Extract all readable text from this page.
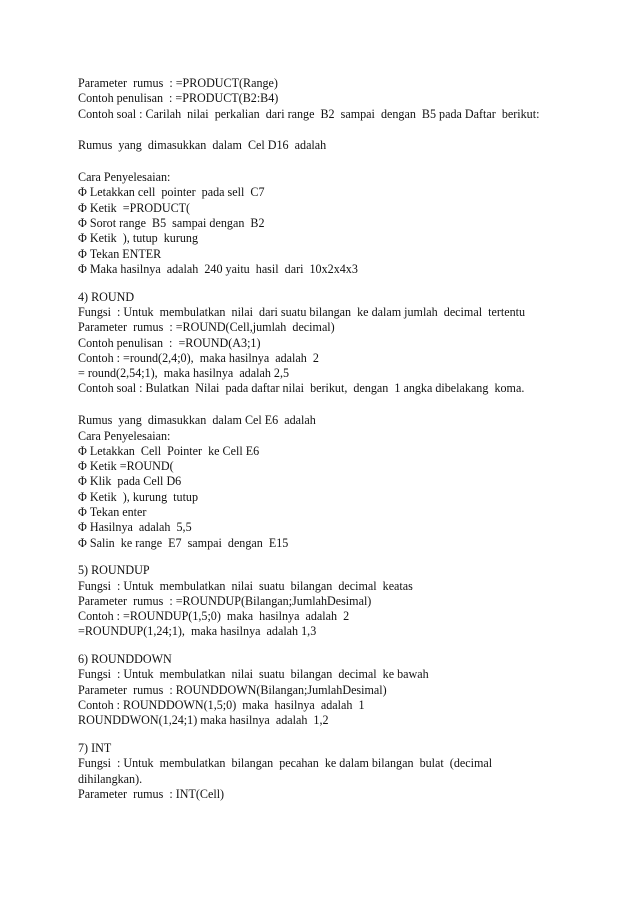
Parameter  rumus  : =PRODUCT(Range)
Contoh penulisan  : =PRODUCT(B2:B4)
Contoh soal : Carilah  nilai  perkalian  dari range  B2  sampai  dengan  B5 pada Daftar  berikut:
Rumus  yang  dimasukkan  dalam  Cel D16  adalah
Cara Penyelesaian:
Φ Letakkan cell  pointer  pada sell  C7
Φ Ketik  =PRODUCT(
Φ Sorot range  B5  sampai dengan  B2
Φ Ketik  ), tutup  kurung
Φ Tekan ENTER
Φ Maka hasilnya  adalah  240 yaitu  hasil  dari  10x2x4x3
4) ROUND
Fungsi  : Untuk  membulatkan  nilai  dari suatu bilangan  ke dalam jumlah  decimal  tertentu
Parameter  rumus  : =ROUND(Cell,jumlah  decimal)
Contoh penulisan  :  =ROUND(A3;1)
Contoh : =round(2,4;0),  maka hasilnya  adalah  2
= round(2,54;1),  maka hasilnya  adalah 2,5
Contoh soal : Bulatkan  Nilai  pada daftar nilai  berikut,  dengan  1 angka dibelakang  koma.
Rumus  yang  dimasukkan  dalam Cel E6  adalah
Cara Penyelesaian:
Φ Letakkan  Cell  Pointer  ke Cell E6
Φ Ketik =ROUND(
Φ Klik  pada Cell D6
Φ Ketik  ), kurung  tutup
Φ Tekan enter
Φ Hasilnya  adalah  5,5
Φ Salin  ke range  E7  sampai  dengan  E15
5) ROUNDUP
Fungsi  : Untuk  membulatkan  nilai  suatu  bilangan  decimal  keatas
Parameter  rumus  : =ROUNDUP(Bilangan;JumlahDesimal)
Contoh : =ROUNDUP(1,5;0)  maka  hasilnya  adalah  2
=ROUNDUP(1,24;1),  maka hasilnya  adalah 1,3
6) ROUNDDOWN
Fungsi  : Untuk  membulatkan  nilai  suatu  bilangan  decimal  ke bawah
Parameter  rumus  : ROUNDDOWN(Bilangan;JumlahDesimal)
Contoh : ROUNDDOWN(1,5;0)  maka  hasilnya  adalah  1
ROUNDDWON(1,24;1) maka hasilnya  adalah  1,2
7) INT
Fungsi  : Untuk  membulatkan  bilangan  pecahan  ke dalam bilangan  bulat  (decimal
dihilangkan).
Parameter  rumus  : INT(Cell)
